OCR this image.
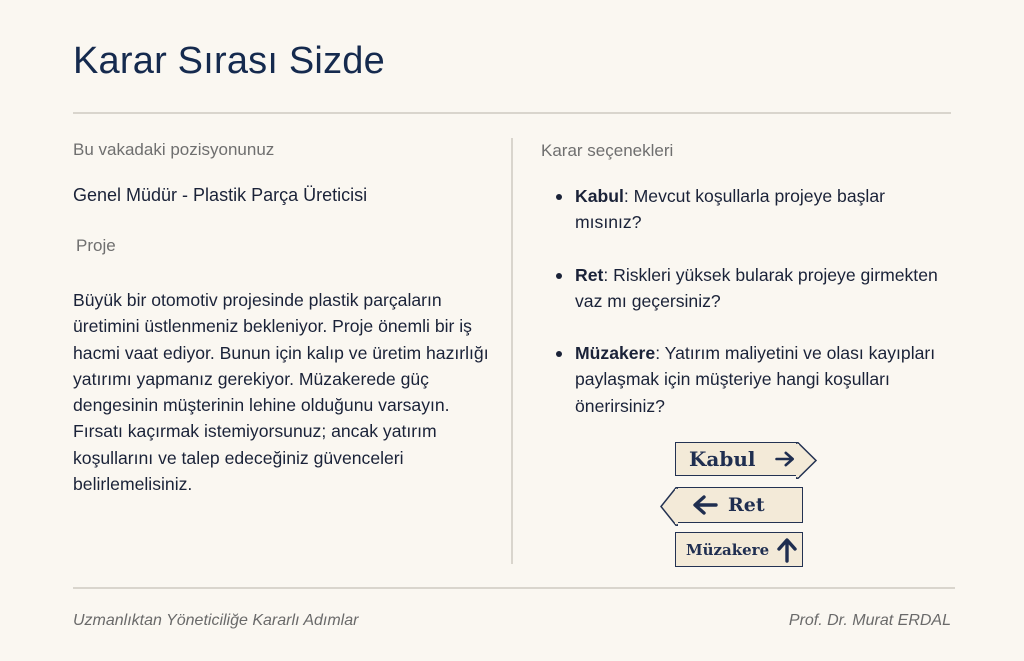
Karar Sırası Sizde
Bu vakadaki pozisyonunuz
Genel Müdür - Plastik Parça Üreticisi
Proje
Büyük bir otomotiv projesinde plastik parçaların üretimini üstlenmeniz bekleniyor. Proje önemli bir iş hacmi vaat ediyor. Bunun için kalıp ve üretim hazırlığı yatırımı yapmanız gerekiyor. Müzakerede güç dengesinin müşterinin lehine olduğunu varsayın. Fırsatı kaçırmak istemiyorsunuz; ancak yatırım koşullarını ve talep edeceğiniz güvenceleri belirlemelisiniz.
Karar seçenekleri
Kabul: Mevcut koşullarla projeye başlar mısınız?
Ret: Riskleri yüksek bularak projeye girmekten vaz mı geçersiniz?
Müzakere: Yatırım maliyetini ve olası kayıpları paylaşmak için müşteriye hangi koşulları önerirsiniz?
Kabul
Ret
Müzakere
Uzmanlıktan Yöneticiliğe Kararlı Adımlar	Prof. Dr. Murat ERDAL
